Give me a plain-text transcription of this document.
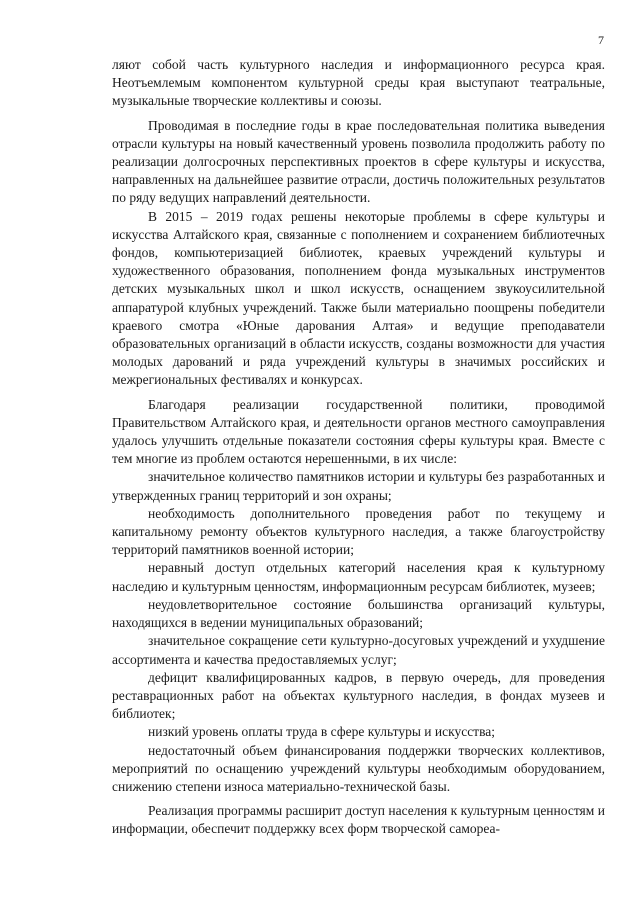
7

ляют собой часть культурного наследия и информационного ресурса края. Неотъемлемым компонентом культурной среды края выступают театральные, музыкальные творческие коллективы и союзы.

Проводимая в последние годы в крае последовательная политика выведения отрасли культуры на новый качественный уровень позволила продолжить работу по реализации долгосрочных перспективных проектов в сфере культуры и искусства, направленных на дальнейшее развитие отрасли, достичь положительных результатов по ряду ведущих направлений деятельности.

В 2015 – 2019 годах решены некоторые проблемы в сфере культуры и искусства Алтайского края, связанные с пополнением и сохранением библиотечных фондов, компьютеризацией библиотек, краевых учреждений культуры и художественного образования, пополнением фонда музыкальных инструментов детских музыкальных школ и школ искусств, оснащением звукоусилительной аппаратурой клубных учреждений. Также были материально поощрены победители краевого смотра «Юные дарования Алтая» и ведущие преподаватели образовательных организаций в области искусств, созданы возможности для участия молодых дарований и ряда учреждений культуры в значимых российских и межрегиональных фестивалях и конкурсах.

Благодаря реализации государственной политики, проводимой Правительством Алтайского края, и деятельности органов местного самоуправления удалось улучшить отдельные показатели состояния сферы культуры края. Вместе с тем многие из проблем остаются нерешенными, в их числе:

значительное количество памятников истории и культуры без разработанных и утвержденных границ территорий и зон охраны;

необходимость дополнительного проведения работ по текущему и капитальному ремонту объектов культурного наследия, а также благоустройству территорий памятников военной истории;

неравный доступ отдельных категорий населения края к культурному наследию и культурным ценностям, информационным ресурсам библиотек, музеев;

неудовлетворительное состояние большинства организаций культуры, находящихся в ведении муниципальных образований;

значительное сокращение сети культурно-досуговых учреждений и ухудшение ассортимента и качества предоставляемых услуг;

дефицит квалифицированных кадров, в первую очередь, для проведения реставрационных работ на объектах культурного наследия, в фондах музеев и библиотек;

низкий уровень оплаты труда в сфере культуры и искусства;

недостаточный объем финансирования поддержки творческих коллективов, мероприятий по оснащению учреждений культуры необходимым оборудованием, снижению степени износа материально-технической базы.

Реализация программы расширит доступ населения к культурным ценностям и информации, обеспечит поддержку всех форм творческой самореа-
